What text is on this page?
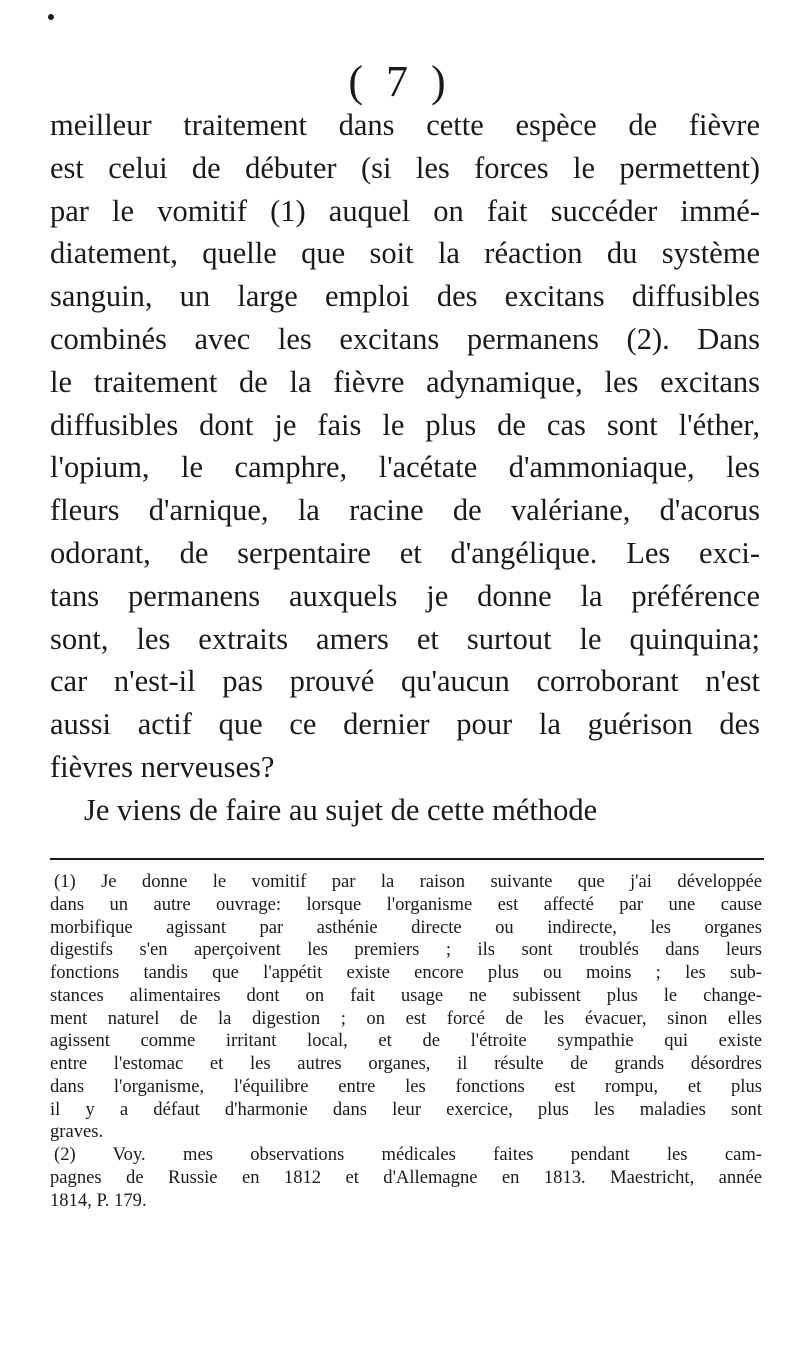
( 7 )
meilleur traitement dans cette espèce de fièvre
est celui de débuter (si les forces le permettent)
par le vomitif (1) auquel on fait succéder immé-
diatement, quelle que soit la réaction du système
sanguin, un large emploi des excitans diffusibles
combinés avec les excitans permanens (2). Dans
le traitement de la fièvre adynamique, les excitans
diffusibles dont je fais le plus de cas sont l'éther,
l'opium, le camphre, l'acétate d'ammoniaque, les
fleurs d'arnique, la racine de valériane, d'acorus
odorant, de serpentaire et d'angélique. Les exci-
tans permanens auxquels je donne la préférence
sont, les extraits amers et surtout le quinquina;
car n'est-il pas prouvé qu'aucun corroborant n'est
aussi actif que ce dernier pour la guérison des
fièvres nerveuses?
Je viens de faire au sujet de cette méthode
(1) Je donne le vomitif par la raison suivante que j'ai développée
dans un autre ouvrage: lorsque l'organisme est affecté par une cause
morbifique agissant par asthénie directe ou indirecte, les organes
digestifs s'en aperçoivent les premiers ; ils sont troublés dans leurs
fonctions tandis que l'appétit existe encore plus ou moins ; les sub-
stances alimentaires dont on fait usage ne subissent plus le change-
ment naturel de la digestion ; on est forcé de les évacuer, sinon elles
agissent comme irritant local, et de l'étroite sympathie qui existe
entre l'estomac et les autres organes, il résulte de grands désordres
dans l'organisme, l'équilibre entre les fonctions est rompu, et plus
il y a défaut d'harmonie dans leur exercice, plus les maladies sont
graves.
(2) Voy. mes observations médicales faites pendant les cam-
pagnes de Russie en 1812 et d'Allemagne en 1813. Maestricht, année
1814, P. 179.
